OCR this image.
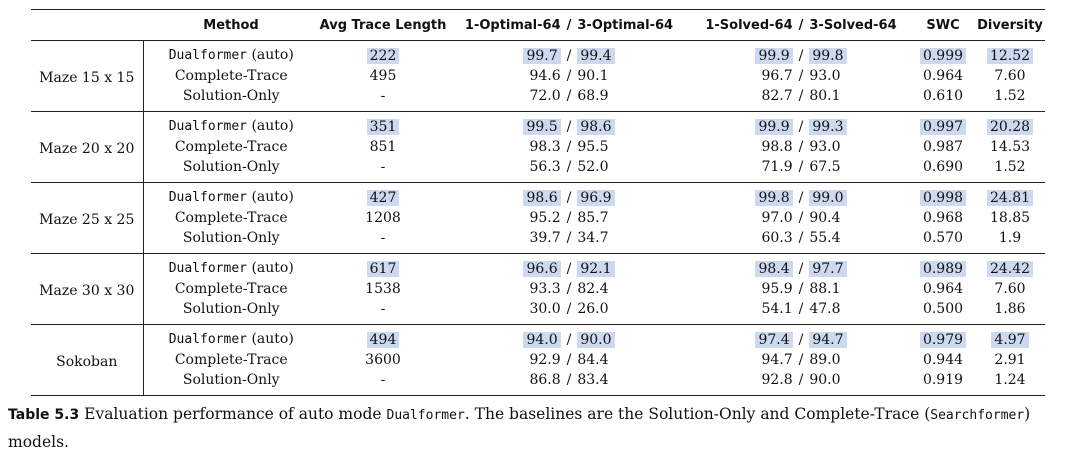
	Method	Avg Trace Length	1-Optimal-64 / 3-Optimal-64	1-Solved-64 / 3-Solved-64	SWC	Diversity
Maze 15 x 15	Dualformer (auto)	222	99.7 / 99.4	99.9 / 99.8	0.999	12.52
	Complete-Trace	495	94.6 / 90.1	96.7 / 93.0	0.964	7.60
	Solution-Only	-	72.0 / 68.9	82.7 / 80.1	0.610	1.52
Maze 20 x 20	Dualformer (auto)	351	99.5 / 98.6	99.9 / 99.3	0.997	20.28
	Complete-Trace	851	98.3 / 95.5	98.8 / 93.0	0.987	14.53
	Solution-Only	-	56.3 / 52.0	71.9 / 67.5	0.690	1.52
Maze 25 x 25	Dualformer (auto)	427	98.6 / 96.9	99.8 / 99.0	0.998	24.81
	Complete-Trace	1208	95.2 / 85.7	97.0 / 90.4	0.968	18.85
	Solution-Only	-	39.7 / 34.7	60.3 / 55.4	0.570	1.9
Maze 30 x 30	Dualformer (auto)	617	96.6 / 92.1	98.4 / 97.7	0.989	24.42
	Complete-Trace	1538	93.3 / 82.4	95.9 / 88.1	0.964	7.60
	Solution-Only	-	30.0 / 26.0	54.1 / 47.8	0.500	1.86
Sokoban	Dualformer (auto)	494	94.0 / 90.0	97.4 / 94.7	0.979	4.97
	Complete-Trace	3600	92.9 / 84.4	94.7 / 89.0	0.944	2.91
	Solution-Only	-	86.8 / 83.4	92.8 / 90.0	0.919	1.24
Table 5.3 Evaluation performance of auto mode Dualformer. The baselines are the Solution-Only and Complete-Trace (Searchformer) models.
